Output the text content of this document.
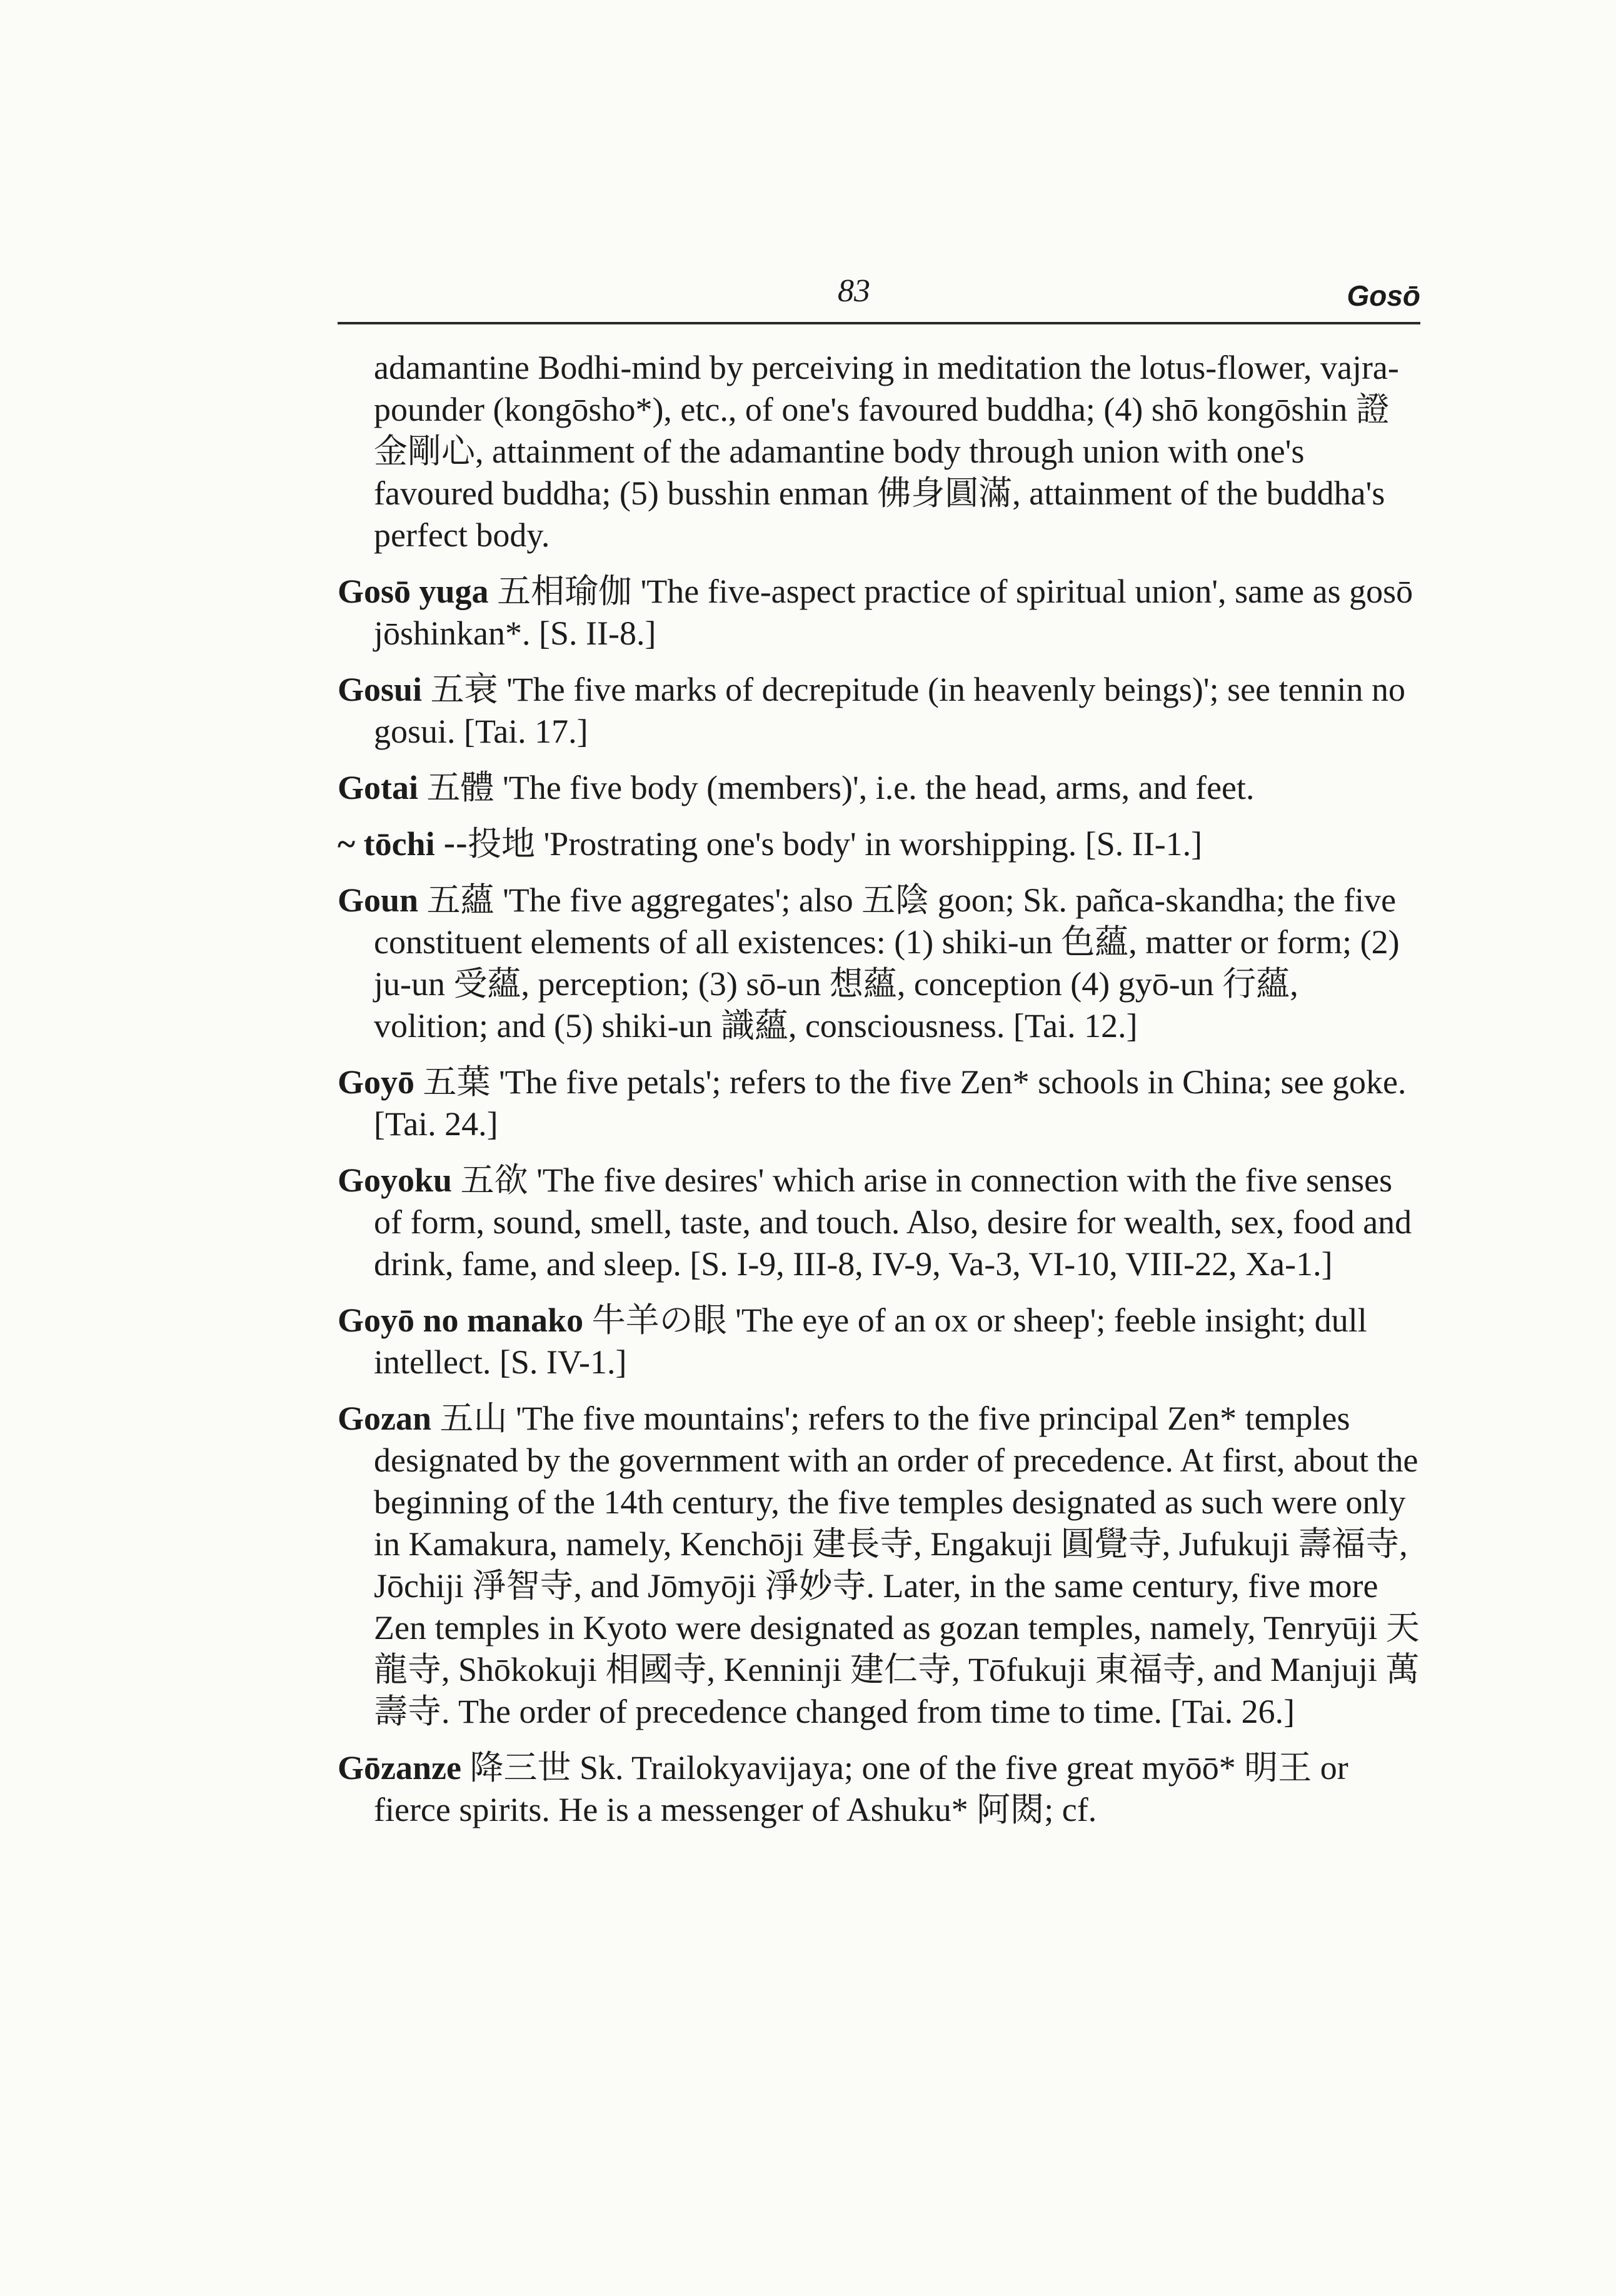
83	Gosō

adamantine Bodhi-mind by perceiving in meditation the lotus-flower, vajra-pounder (kongōsho*), etc., of one's favoured buddha; (4) shō kongōshin 證金剛心, attainment of the adamantine body through union with one's favoured buddha; (5) busshin enman 佛身圓滿, attainment of the buddha's perfect body.

Gosō yuga 五相瑜伽 'The five-aspect practice of spiritual union', same as gosō jōshinkan*. [S. II-8.]

Gosui 五衰 'The five marks of decrepitude (in heavenly beings)'; see tennin no gosui. [Tai. 17.]

Gotai 五體 'The five body (members)', i.e. the head, arms, and feet.

~ tōchi --投地 'Prostrating one's body' in worshipping. [S. II-1.]

Goun 五蘊 'The five aggregates'; also 五陰 goon; Sk. pañca-skandha; the five constituent elements of all existences: (1) shiki-un 色蘊, matter or form; (2) ju-un 受蘊, perception; (3) sō-un 想蘊, conception (4) gyō-un 行蘊, volition; and (5) shiki-un 識蘊, consciousness. [Tai. 12.]

Goyō 五葉 'The five petals'; refers to the five Zen* schools in China; see goke. [Tai. 24.]

Goyoku 五欲 'The five desires' which arise in connection with the five senses of form, sound, smell, taste, and touch. Also, desire for wealth, sex, food and drink, fame, and sleep. [S. I-9, III-8, IV-9, Va-3, VI-10, VIII-22, Xa-1.]

Goyō no manako 牛羊の眼 'The eye of an ox or sheep'; feeble insight; dull intellect. [S. IV-1.]

Gozan 五山 'The five mountains'; refers to the five principal Zen* temples designated by the government with an order of precedence. At first, about the beginning of the 14th century, the five temples designated as such were only in Kamakura, namely, Kenchōji 建長寺, Engakuji 圓覺寺, Jufukuji 壽福寺, Jōchiji 淨智寺, and Jōmyōji 淨妙寺. Later, in the same century, five more Zen temples in Kyoto were designated as gozan temples, namely, Tenryūji 天龍寺, Shōkokuji 相國寺, Kenninji 建仁寺, Tōfukuji 東福寺, and Manjuji 萬壽寺. The order of precedence changed from time to time. [Tai. 26.]

Gōzanze 降三世 Sk. Trailokyavijaya; one of the five great myōō* 明王 or fierce spirits. He is a messenger of Ashuku* 阿閦; cf.
